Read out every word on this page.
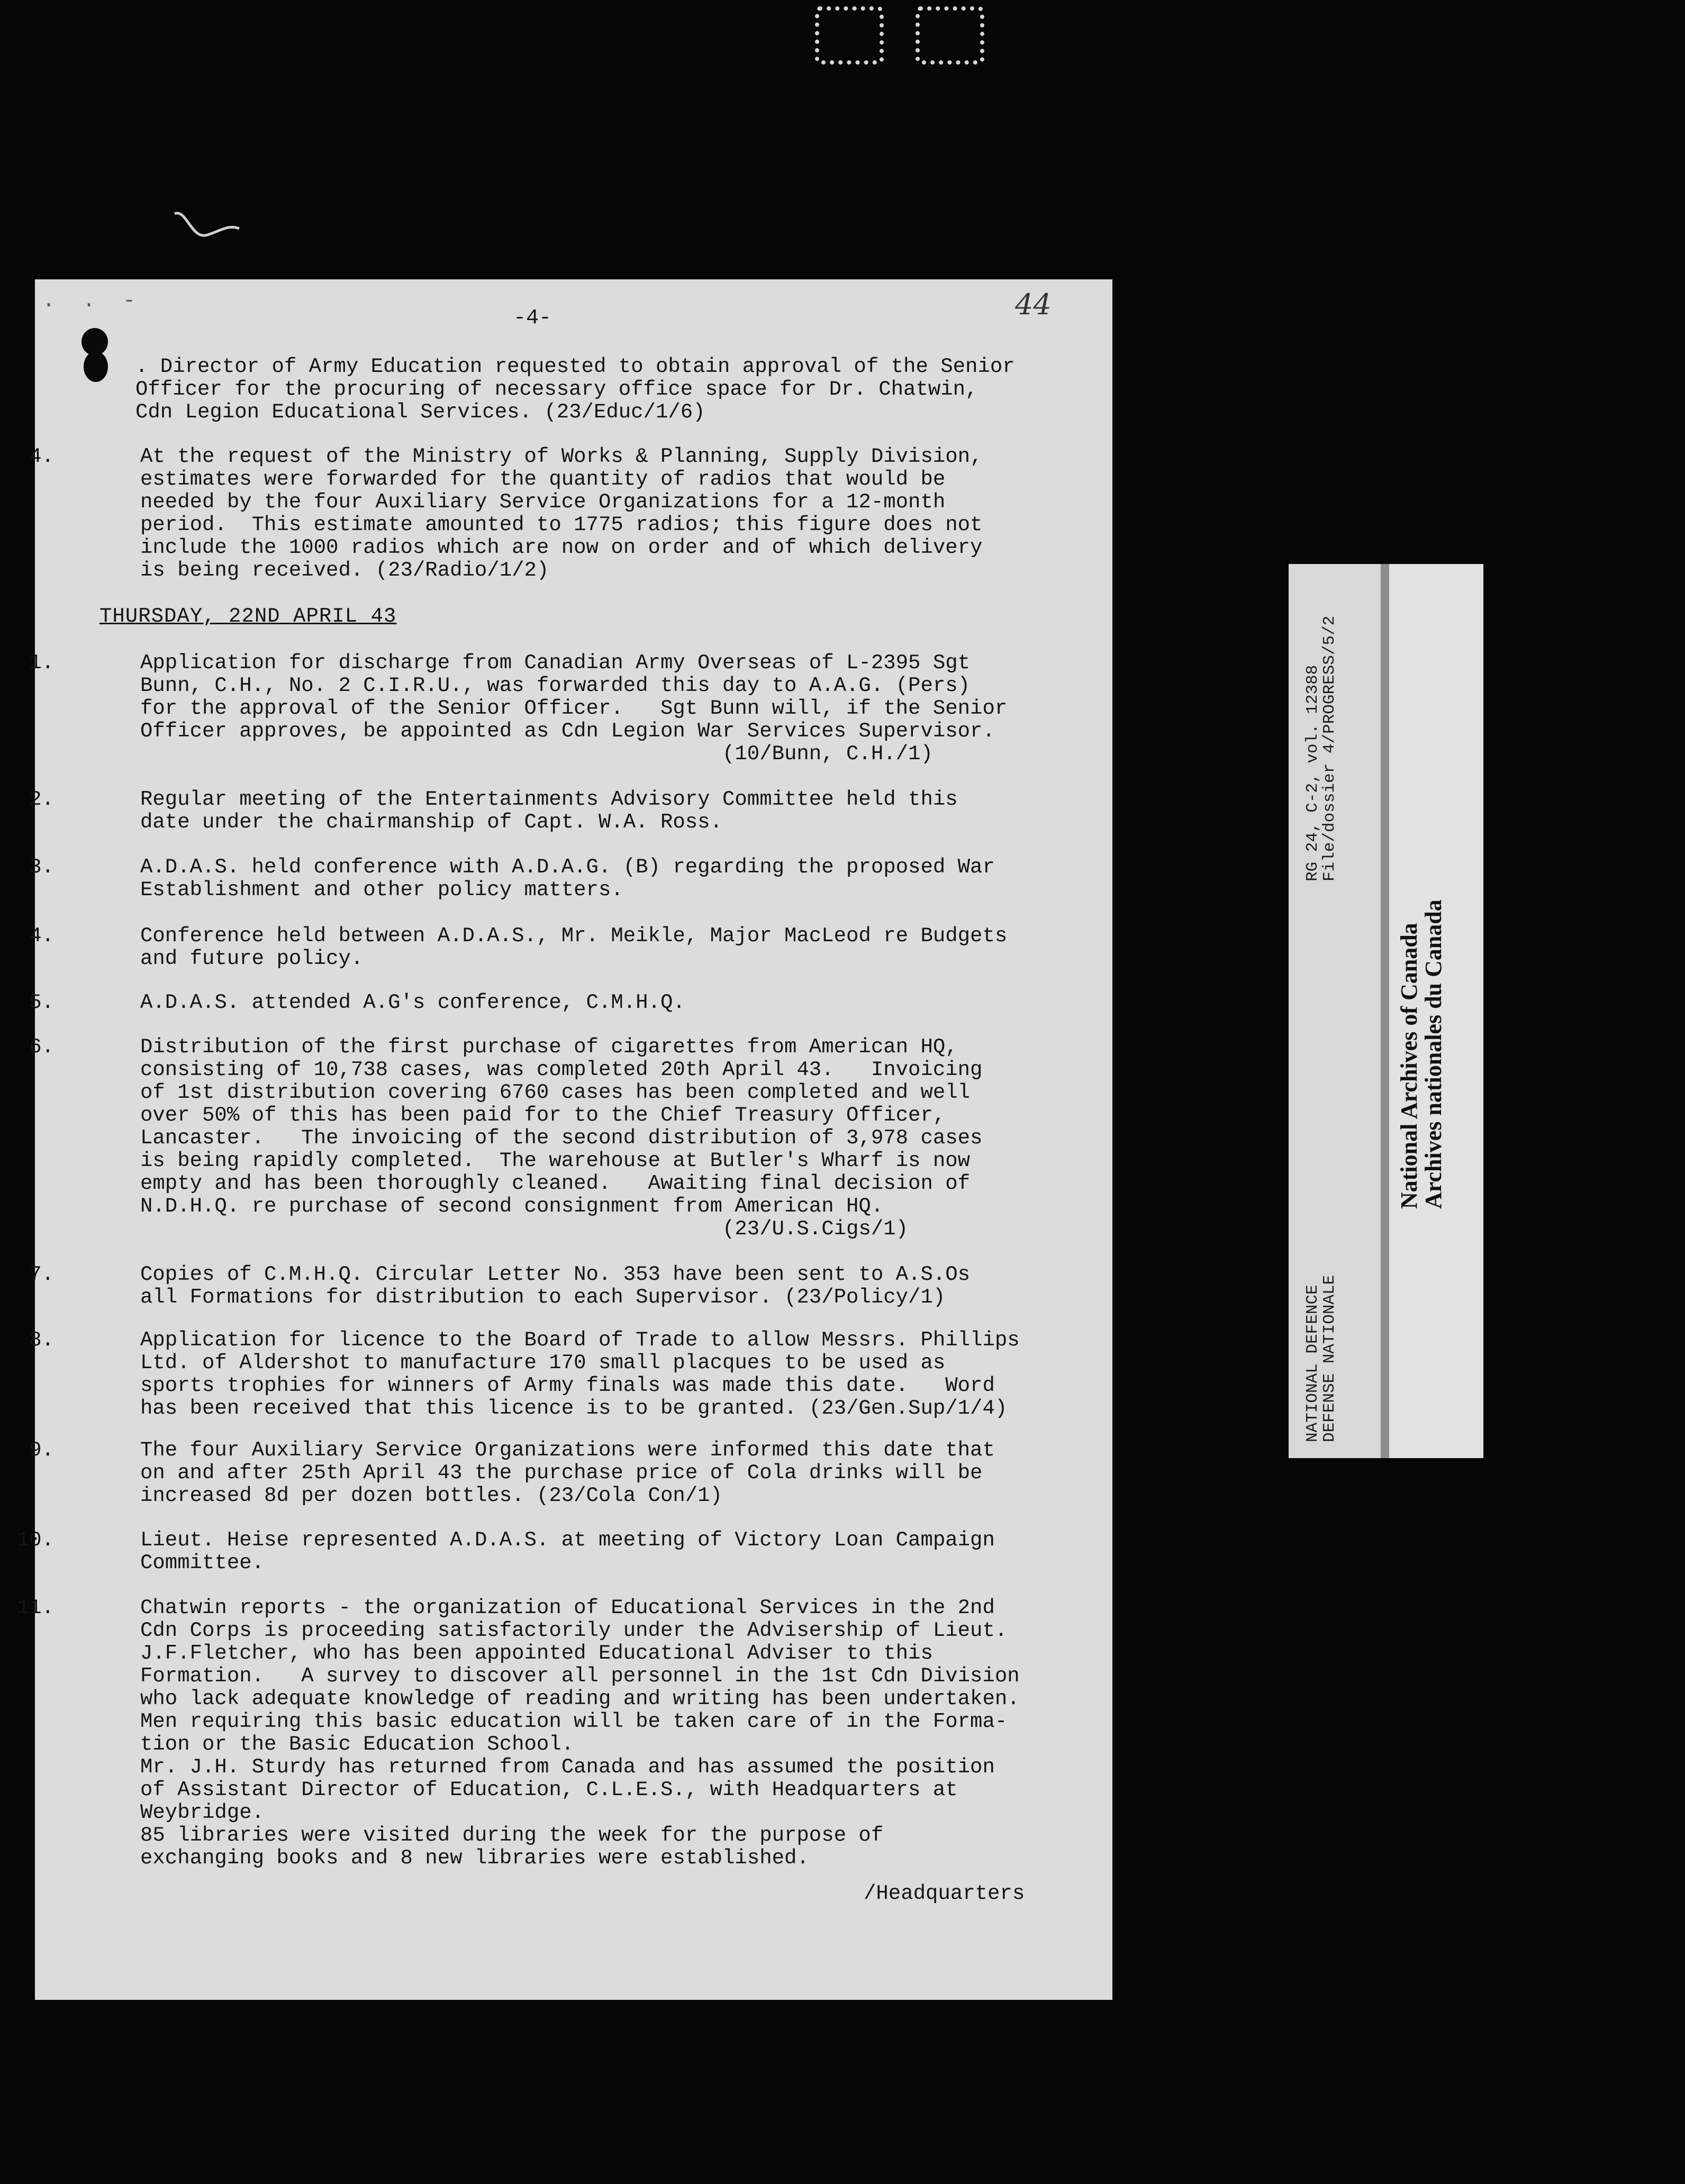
. . -
-4-	44
. Director of Army Education requested to obtain approval of the Senior
Officer for the procuring of necessary office space for Dr. Chatwin,
Cdn Legion Educational Services. (23/Educ/1/6)
4.	At the request of the Ministry of Works & Planning, Supply Division,
estimates were forwarded for the quantity of radios that would be
needed by the four Auxiliary Service Organizations for a 12-month
period.  This estimate amounted to 1775 radios; this figure does not
include the 1000 radios which are now on order and of which delivery
is being received. (23/Radio/1/2)
THURSDAY, 22ND APRIL 43
1.	Application for discharge from Canadian Army Overseas of L-2395 Sgt
Bunn, C.H., No. 2 C.I.R.U., was forwarded this day to A.A.G. (Pers)
for the approval of the Senior Officer.   Sgt Bunn will, if the Senior
Officer approves, be appointed as Cdn Legion War Services Supervisor.
(10/Bunn, C.H./1)
2.	Regular meeting of the Entertainments Advisory Committee held this
date under the chairmanship of Capt. W.A. Ross.
3.	A.D.A.S. held conference with A.D.A.G. (B) regarding the proposed War
Establishment and other policy matters.
4.	Conference held between A.D.A.S., Mr. Meikle, Major MacLeod re Budgets
and future policy.
5.	A.D.A.S. attended A.G's conference, C.M.H.Q.
6.	Distribution of the first purchase of cigarettes from American HQ,
consisting of 10,738 cases, was completed 20th April 43.   Invoicing
of 1st distribution covering 6760 cases has been completed and well
over 50% of this has been paid for to the Chief Treasury Officer,
Lancaster.   The invoicing of the second distribution of 3,978 cases
is being rapidly completed.  The warehouse at Butler's Wharf is now
empty and has been thoroughly cleaned.   Awaiting final decision of
N.D.H.Q. re purchase of second consignment from American HQ.
(23/U.S.Cigs/1)
7.	Copies of C.M.H.Q. Circular Letter No. 353 have been sent to A.S.Os
all Formations for distribution to each Supervisor. (23/Policy/1)
8.	Application for licence to the Board of Trade to allow Messrs. Phillips
Ltd. of Aldershot to manufacture 170 small placques to be used as
sports trophies for winners of Army finals was made this date.   Word
has been received that this licence is to be granted. (23/Gen.Sup/1/4)
9.	The four Auxiliary Service Organizations were informed this date that
on and after 25th April 43 the purchase price of Cola drinks will be
increased 8d per dozen bottles. (23/Cola Con/1)
10.	Lieut. Heise represented A.D.A.S. at meeting of Victory Loan Campaign
Committee.
11.	Chatwin reports - the organization of Educational Services in the 2nd
Cdn Corps is proceeding satisfactorily under the Advisership of Lieut.
J.F.Fletcher, who has been appointed Educational Adviser to this
Formation.   A survey to discover all personnel in the 1st Cdn Division
who lack adequate knowledge of reading and writing has been undertaken.
Men requiring this basic education will be taken care of in the Forma-
tion or the Basic Education School.
Mr. J.H. Sturdy has returned from Canada and has assumed the position
of Assistant Director of Education, C.L.E.S., with Headquarters at
Weybridge.
85 libraries were visited during the week for the purpose of
exchanging books and 8 new libraries were established.
/Headquarters
RG 24, C-2, vol. 12388
File/dossier 4/PROGRESS/5/2
NATIONAL DEFENCE
DEFENSE NATIONALE
National Archives of Canada
Archives nationales du Canada
